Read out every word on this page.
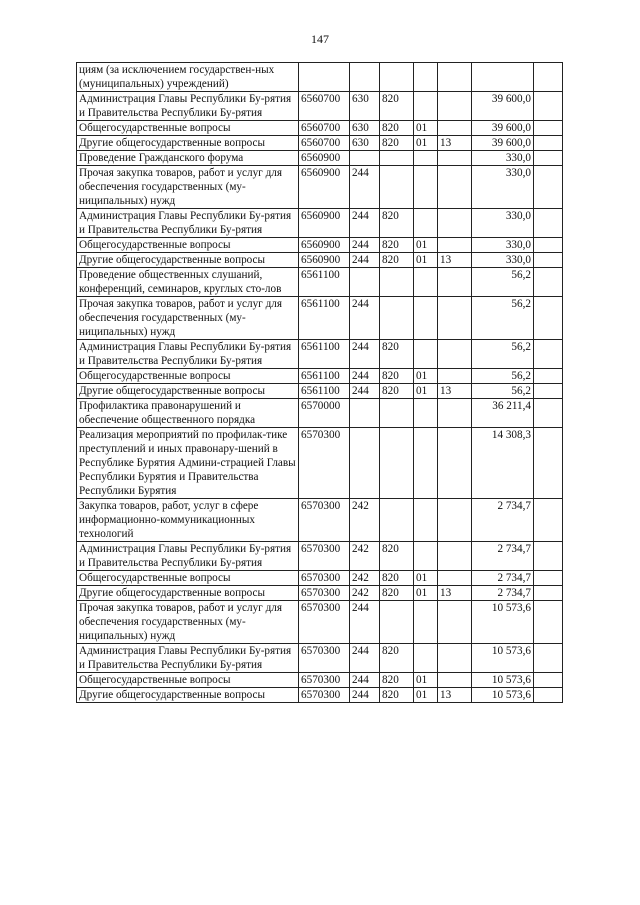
147
циям (за исключением государствен-ных (муниципальных) учреждений)							
Администрация Главы Республики Бу-рятия и Правительства Республики Бу-рятия	6560700	630	820			39 600,0	
Общегосударственные вопросы	6560700	630	820	01		39 600,0	
Другие общегосударственные вопросы	6560700	630	820	01	13	39 600,0	
Проведение Гражданского форума	6560900					330,0	
Прочая закупка товаров, работ и услуг для обеспечения государственных (му-ниципальных) нужд	6560900	244				330,0	
Администрация Главы Республики Бу-рятия и Правительства Республики Бу-рятия	6560900	244	820			330,0	
Общегосударственные вопросы	6560900	244	820	01		330,0	
Другие общегосударственные вопросы	6560900	244	820	01	13	330,0	
Проведение общественных слушаний, конференций, семинаров, круглых сто-лов	6561100					56,2	
Прочая закупка товаров, работ и услуг для обеспечения государственных (му-ниципальных) нужд	6561100	244				56,2	
Администрация Главы Республики Бу-рятия и Правительства Республики Бу-рятия	6561100	244	820			56,2	
Общегосударственные вопросы	6561100	244	820	01		56,2	
Другие общегосударственные вопросы	6561100	244	820	01	13	56,2	
Профилактика правонарушений и обеспечение общественного порядка	6570000					36 211,4	
Реализация мероприятий по профилак-тике преступлений и иных правонару-шений в Республике Бурятия Админи-страцией Главы Республики Бурятия и Правительства Республики Бурятия	6570300					14 308,3	
Закупка товаров, работ, услуг в сфере информационно-коммуникационных технологий	6570300	242				2 734,7	
Администрация Главы Республики Бу-рятия и Правительства Республики Бу-рятия	6570300	242	820			2 734,7	
Общегосударственные вопросы	6570300	242	820	01		2 734,7	
Другие общегосударственные вопросы	6570300	242	820	01	13	2 734,7	
Прочая закупка товаров, работ и услуг для обеспечения государственных (му-ниципальных) нужд	6570300	244				10 573,6	
Администрация Главы Республики Бу-рятия и Правительства Республики Бу-рятия	6570300	244	820			10 573,6	
Общегосударственные вопросы	6570300	244	820	01		10 573,6	
Другие общегосударственные вопросы	6570300	244	820	01	13	10 573,6	
